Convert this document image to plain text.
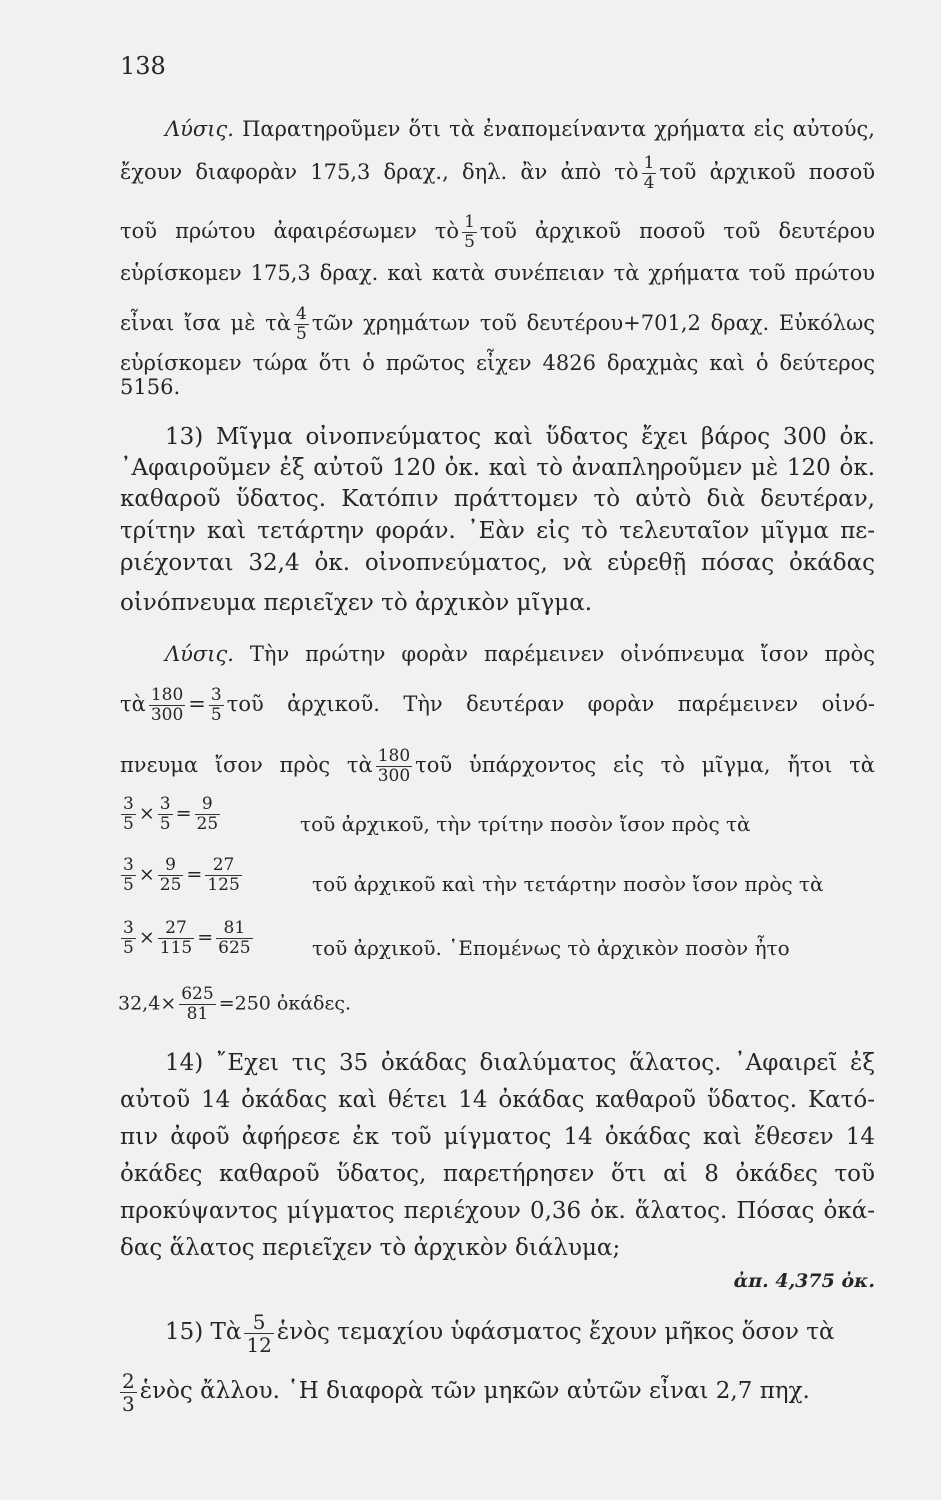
138
Λύσις. Παρατηροῦμεν ὅτι τὰ ἐναπομείναντα χρήματα εἰς αὐτούς,
ἔχουν διαφορὰν 175,3 δραχ., δηλ. ἂν ἀπὸ τὸ $\frac{1}{4}$ τοῦ ἀρχικοῦ ποσοῦ
τοῦ πρώτου ἀφαιρέσωμεν τὸ $\frac{1}{5}$ τοῦ ἀρχικοῦ ποσοῦ τοῦ δευτέρου
εὑρίσκομεν 175,3 δραχ. καὶ κατὰ συνέπειαν τὰ χρήματα τοῦ πρώτου
εἶναι ἴσα μὲ τὰ $\frac{4}{5}$ τῶν χρημάτων τοῦ δευτέρου+701,2 δραχ. Εὐκόλως
εὑρίσκομεν τώρα ὅτι ὁ πρῶτος εἶχεν 4826 δραχμὰς καὶ ὁ δεύτερος
5156.
13) Μῖγμα οἰνοπνεύματος καὶ ὕδατος ἔχει βάρος 300 ὀκ.
᾿Αφαιροῦμεν ἐξ αὐτοῦ 120 ὀκ. καὶ τὸ ἀναπληροῦμεν μὲ 120 ὀκ.
καθαροῦ ὕδατος. Κατόπιν πράττομεν τὸ αὐτὸ διὰ δευτέραν,
τρίτην καὶ τετάρτην φοράν. ᾿Εὰν εἰς τὸ τελευταῖον μῖγμα πε-
ριέχονται 32,4 ὀκ. οἰνοπνεύματος, νὰ εὑρεθῇ πόσας ὀκάδας
οἰνόπνευμα περιεῖχεν τὸ ἀρχικὸν μῖγμα.
Λύσις. Τὴν πρώτην φορὰν παρέμεινεν οἰνόπνευμα ἴσον πρὸς
τὰ $\frac{180}{300} = \frac{3}{5}$ τοῦ ἀρχικοῦ. Τὴν δευτέραν φορὰν παρέμεινεν οἰνό-
πνευμα ἴσον πρὸς τὰ $\frac{180}{300}$ τοῦ ὑπάρχοντος εἰς τὸ μῖγμα, ἤτοι τὰ
$\frac{3}{5} \times \frac{3}{5} = \frac{9}{25}$	τοῦ ἀρχικοῦ, τὴν τρίτην ποσὸν ἴσον πρὸς τὰ
$\frac{3}{5} \times \frac{9}{25} = \frac{27}{125}$	τοῦ ἀρχικοῦ καὶ τὴν τετάρτην ποσὸν ἴσον πρὸς τὰ
$\frac{3}{5} \times \frac{27}{115} = \frac{81}{625}$	τοῦ ἀρχικοῦ. ῾Επομένως τὸ ἀρχικὸν ποσὸν ἦτο
$32,4\times \frac{625}{81} =250$ ὀκάδες.
14) ῎Εχει τις 35 ὀκάδας διαλύματος ἅλατος. ᾿Αφαιρεῖ ἐξ
αὐτοῦ 14 ὀκάδας καὶ θέτει 14 ὀκάδας καθαροῦ ὕδατος. Κατό-
πιν ἀφοῦ ἀφήρεσε ἐκ τοῦ μίγματος 14 ὀκάδας καὶ ἔθεσεν 14
ὀκάδες καθαροῦ ὕδατος, παρετήρησεν ὅτι αἱ 8 ὀκάδες τοῦ
προκύψαντος μίγματος περιέχουν 0,36 ὀκ. ἅλατος. Πόσας ὀκά-
δας ἅλατος περιεῖχεν τὸ ἀρχικὸν διάλυμα;
ἀπ. 4,375 ὀκ.
15) Τὰ $\frac{5}{12}$ ἑνὸς τεμαχίου ὑφάσματος ἔχουν μῆκος ὅσον τὰ
$\frac{2}{3}$ ἑνὸς ἄλλου. ῾Η διαφορὰ τῶν μηκῶν αὐτῶν εἶναι 2,7 πηχ.
